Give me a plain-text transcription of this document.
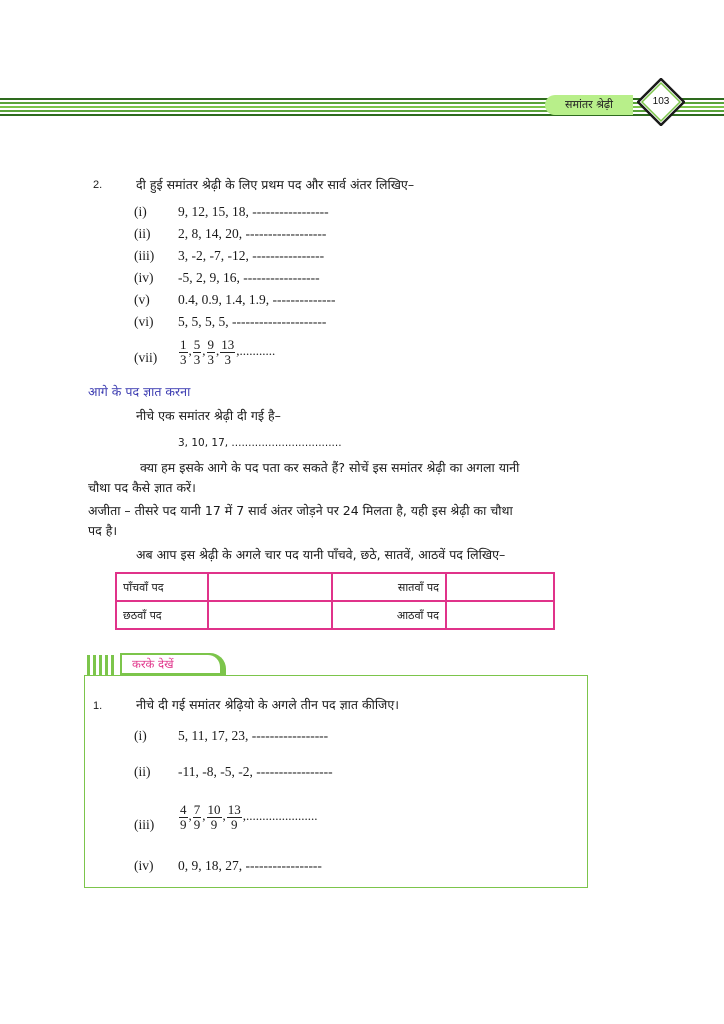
समांतर श्रेढ़ी	103
2.	दी हुई समांतर श्रेढ़ी के लिए प्रथम पद और सार्व अंतर लिखिए–
(i) 9, 12, 15, 18, -----------------
(ii) 2, 8, 14, 20, ------------------
(iii) 3, -2, -7, -12, ----------------
(iv) -5, 2, 9, 16, -----------------
(v) 0.4, 0.9, 1.4, 1.9, --------------
(vi) 5, 5, 5, 5, ---------------------
$(vii) \frac{1}{3}$ , $\frac{5}{3}$ , $\frac{9}{3}$ , $\frac{13}{3}$ ,...........
आगे के पद ज्ञात करना
नीचे एक समांतर श्रेढ़ी दी गई है–
3, 10, 17, .................................
क्या हम इसके आगे के पद पता कर सकते हैं? सोचें इस समांतर श्रेढ़ी का अगला यानी
चौथा पद कैसे ज्ञात करें।
अजीता – तीसरे पद यानी 17 में 7 सार्व अंतर जोड़ने पर 24 मिलता है, यही इस श्रेढ़ी का चौथा
पद है।
अब आप इस श्रेढ़ी के अगले चार पद यानी पाँचवे, छठे, सातवें, आठवें पद लिखिए–
पाँचवाँ पद		सातवाँ पद	
छठवाँ पद		आठवाँ पद	
करके देखें
1.	नीचे दी गई समांतर श्रेढ़ियो के अगले तीन पद ज्ञात कीजिए।
(i) 5, 11, 17, 23, -----------------
(ii) -11, -8, -5, -2, -----------------
$(iii) \frac{4}{9}$ , $\frac{7}{9}$ , $\frac{10}{9}$ , $\frac{13}{9}$ ,......................
(iv) 0, 9, 18, 27, -----------------
